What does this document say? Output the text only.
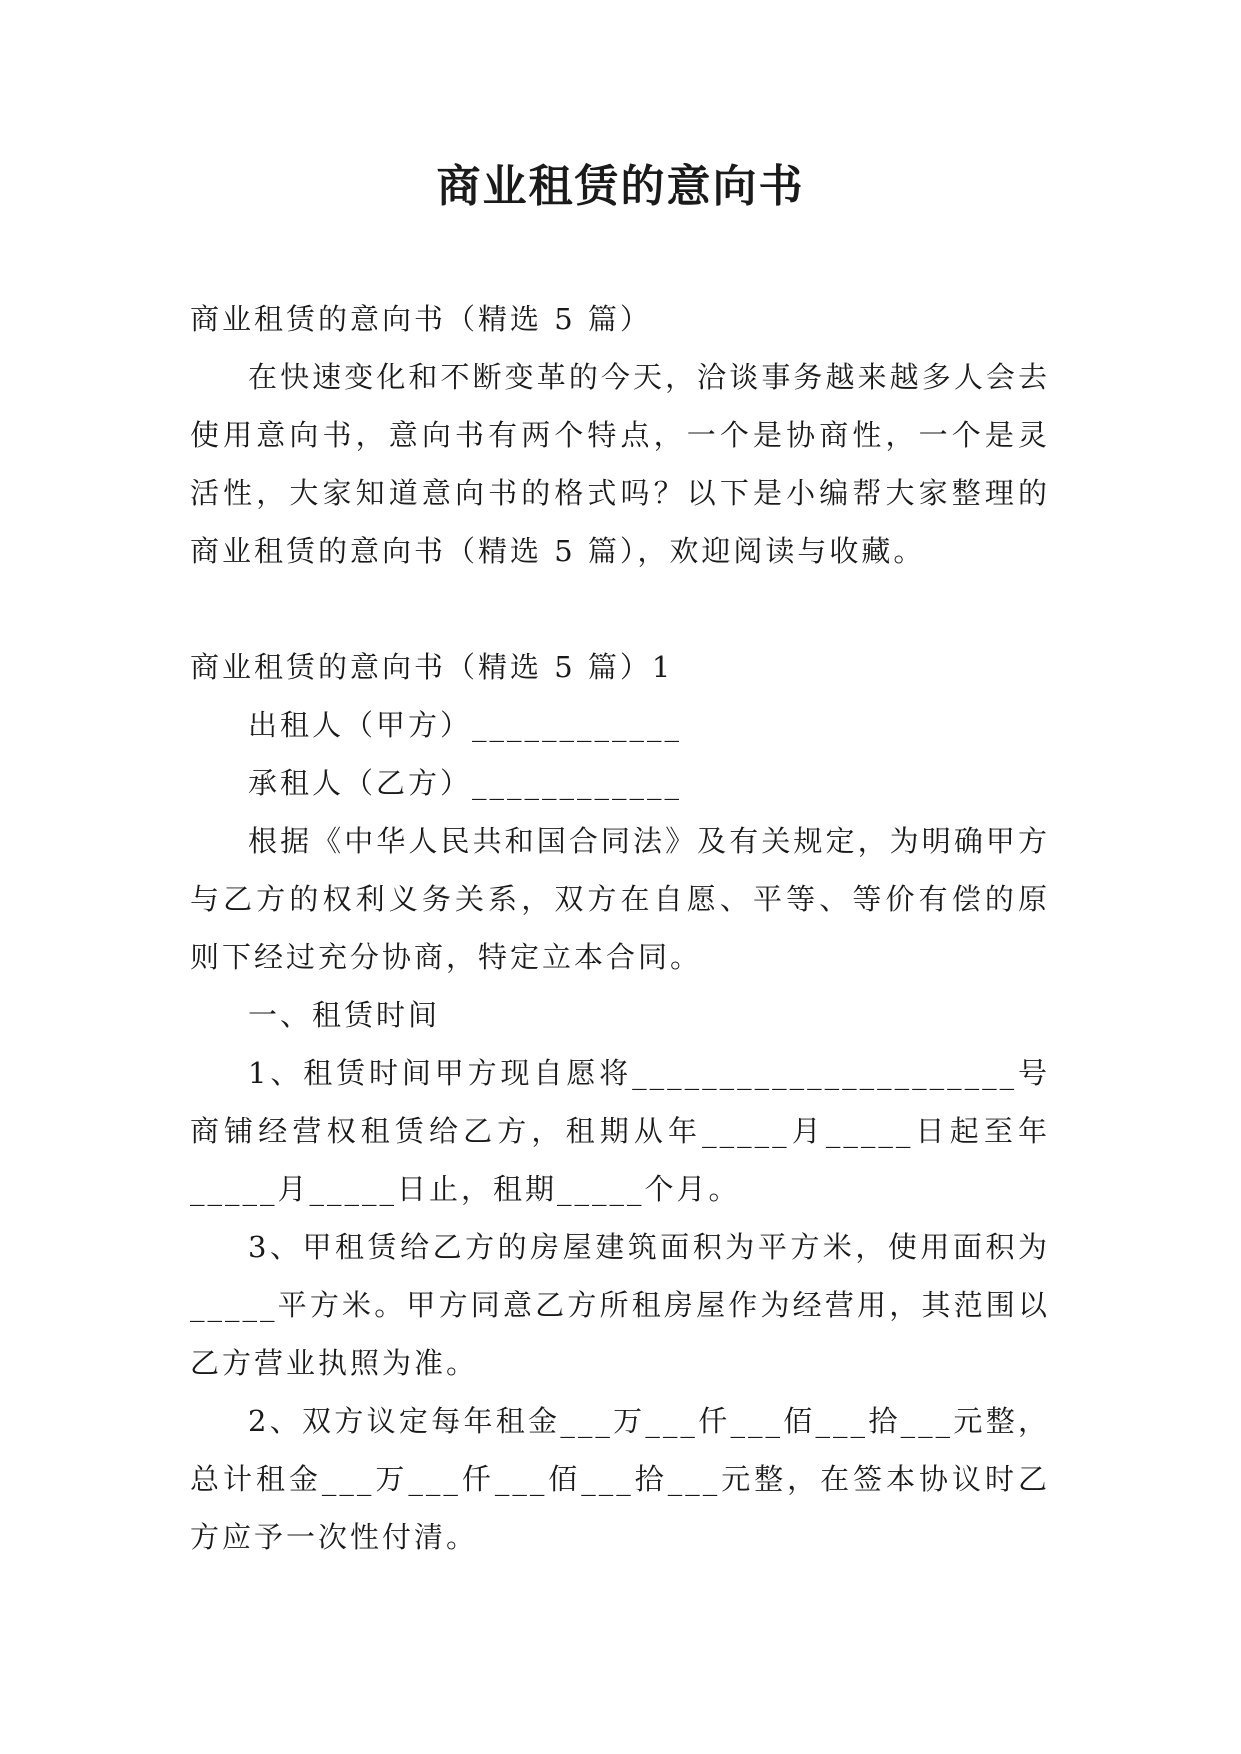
商业租赁的意向书

商业租赁的意向书（精选 5 篇）

在快速变化和不断变革的今天，洽谈事务越来越多人会去使用意向书，意向书有两个特点，一个是协商性，一个是灵活性，大家知道意向书的格式吗？以下是小编帮大家整理的商业租赁的意向书（精选 5 篇），欢迎阅读与收藏。

商业租赁的意向书（精选 5 篇）1

出租人（甲方）____________

承租人（乙方）____________

根据《中华人民共和国合同法》及有关规定，为明确甲方与乙方的权利义务关系，双方在自愿、平等、等价有偿的原则下经过充分协商，特定立本合同。

一、租赁时间

1、租赁时间甲方现自愿将______________________号商铺经营权租赁给乙方，租期从年_____月_____日起至年_____月_____日止，租期_____个月。

3、甲租赁给乙方的房屋建筑面积为平方米，使用面积为_____平方米。甲方同意乙方所租房屋作为经营用，其范围以乙方营业执照为准。

2、双方议定每年租金___万___仟___佰___拾___元整，总计租金___万___仟___佰___拾___元整，在签本协议时乙方应予一次性付清。
